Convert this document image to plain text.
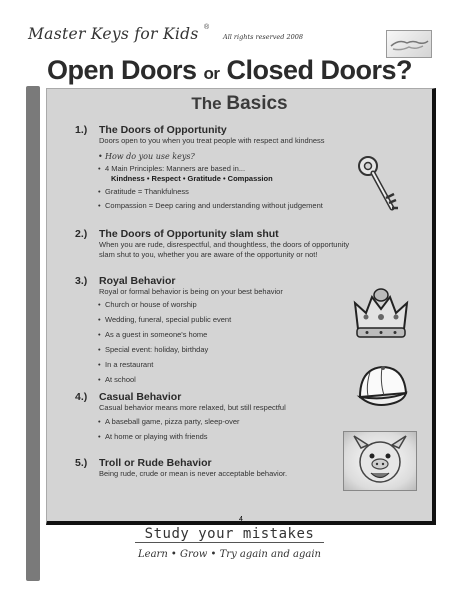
Master Keys for Kids ®
All rights reserved 2008
Open Doors or Closed Doors?
The Basics
1.) The Doors of Opportunity
Doors open to you when you treat people with respect and kindness
• How do you use keys?
• 4 Main Principles: Manners are based in...
Kindness • Respect • Gratitude • Compassion
• Gratitude = Thankfulness
• Compassion = Deep caring and understanding without judgement
2.) The Doors of Opportunity slam shut
When you are rude, disrespectful, and thoughtless, the doors of opportunity
slam shut to you, whether you are aware of the opportunity or not!
3.) Royal Behavior
Royal or formal behavior is being on your best behavior
• Church or house of worship
• Wedding, funeral, special public event
• As a guest in someone's home
• Special event: holiday, birthday
• In a restaurant
• At school
4.) Casual Behavior
Casual behavior means more relaxed, but still respectful
• A baseball game, pizza party, sleep-over
• At home or playing with friends
5.) Troll or Rude Behavior
Being rude, crude or mean is never acceptable behavior.
4
Study your mistakes
Learn • Grow • Try again and again
